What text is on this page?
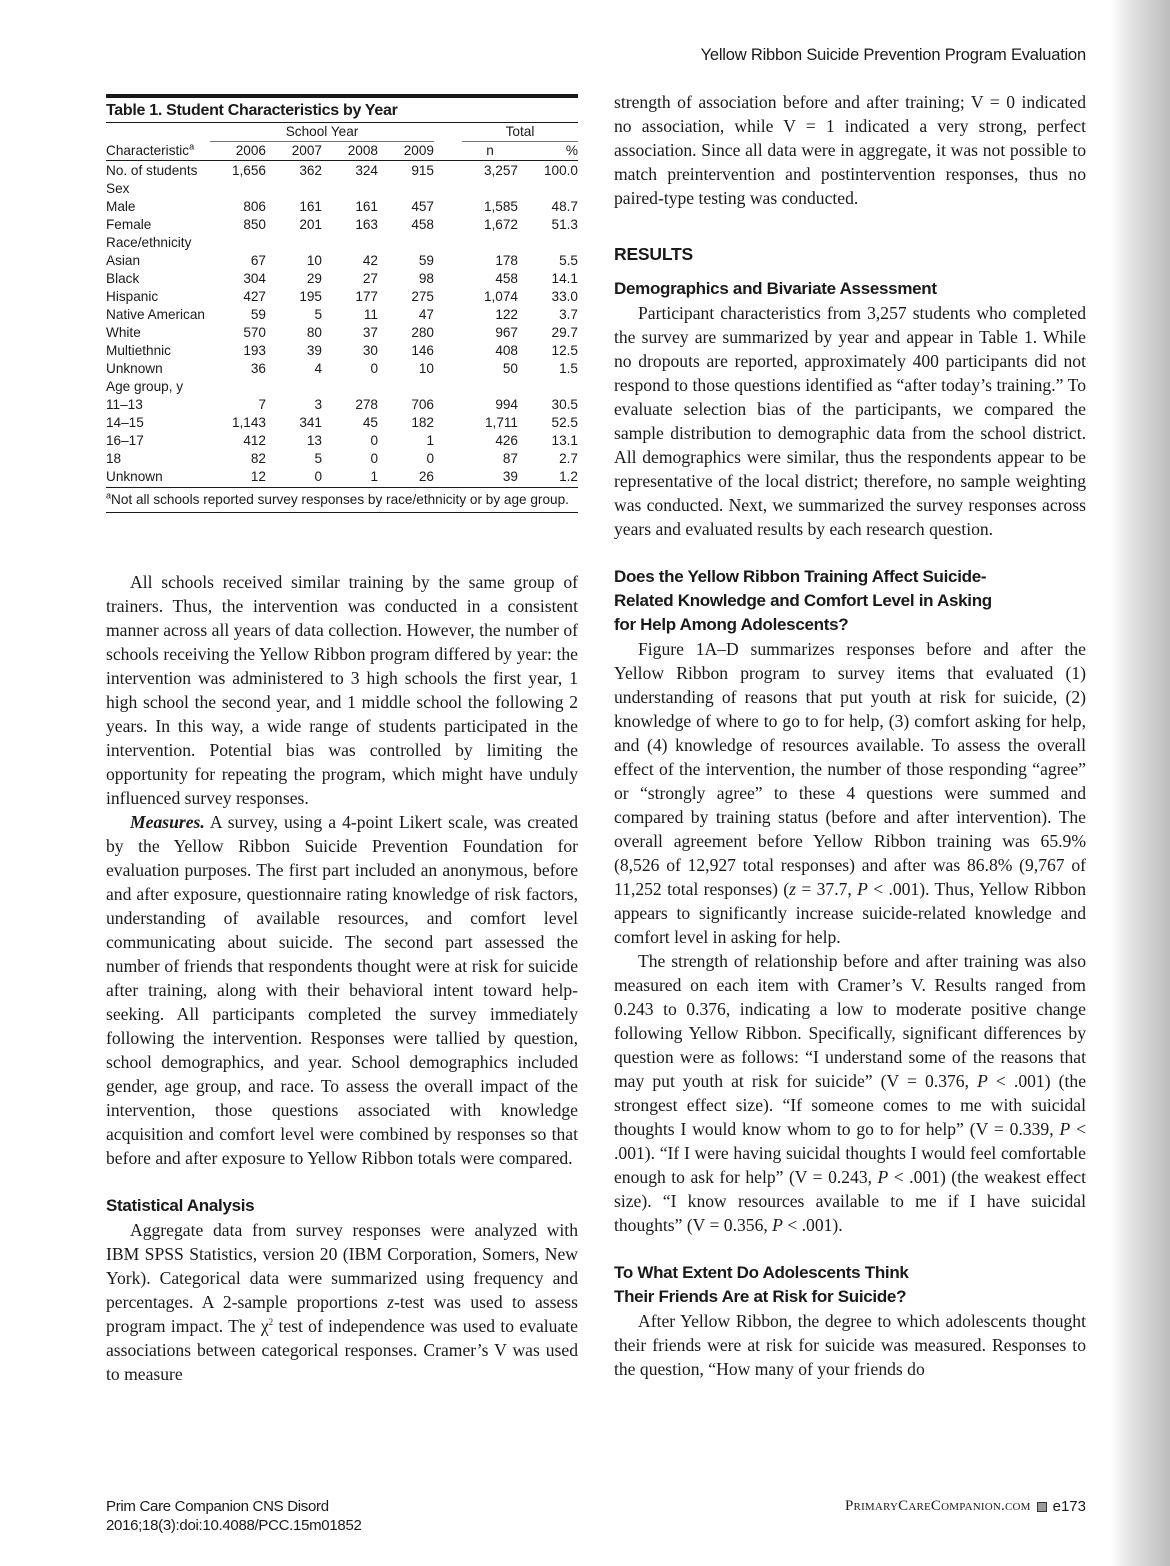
Yellow Ribbon Suicide Prevention Program Evaluation
Table 1. Student Characteristics by Year

	School Year					Total	

Characteristic$^a$	2006	2007	2008	2009		n	%
No. of students	1,656	362	324	915		3,257	100.0
Sex							
Male	806	161	161	457		1,585	48.7
Female	850	201	163	458		1,672	51.3
Race/ethnicity							
Asian	67	10	42	59		178	5.5
Black	304	29	27	98		458	14.1
Hispanic	427	195	177	275		1,074	33.0
Native American	59	5	11	47		122	3.7
White	570	80	37	280		967	29.7
Multiethnic	193	39	30	146		408	12.5
Unknown	36	4	0	10		50	1.5
Age group, y							
11–13	7	3	278	706		994	30.5
14–15	1,143	341	45	182		1,711	52.5
16–17	412	13	0	1		426	13.1
18	82	5	0	0		87	2.7
Unknown	12	0	1	26		39	1.2
$^a$Not all schools reported survey responses by race/ethnicity or by age group.

All schools received similar training by the same group of trainers. Thus, the intervention was conducted in a consistent manner across all years of data collection. However, the number of schools receiving the Yellow Ribbon program differed by year: the intervention was administered to 3 high schools the first year, 1 high school the second year, and 1 middle school the following 2 years. In this way, a wide range of students participated in the intervention. Potential bias was controlled by limiting the opportunity for repeating the program, which might have unduly influenced survey responses.

Measures. A survey, using a 4-point Likert scale, was created by the Yellow Ribbon Suicide Prevention Foundation for evaluation purposes. The first part included an anonymous, before and after exposure, questionnaire rating knowledge of risk factors, understanding of available resources, and comfort level communicating about suicide. The second part assessed the number of friends that respondents thought were at risk for suicide after training, along with their behavioral intent toward help-seeking. All participants completed the survey immediately following the intervention. Responses were tallied by question, school demographics, and year. School demographics included gender, age group, and race. To assess the overall impact of the intervention, those questions associated with knowledge acquisition and comfort level were combined by responses so that before and after exposure to Yellow Ribbon totals were compared.

Statistical Analysis

Aggregate data from survey responses were analyzed with IBM SPSS Statistics, version 20 (IBM Corporation, Somers, New York). Categorical data were summarized using frequency and percentages. A 2-sample proportions z-test was used to assess program impact. The $\chi^2$ test of independence was used to evaluate associations between categorical responses. Cramer’s V was used to measure

strength of association before and after training; V = 0 indicated no association, while V = 1 indicated a very strong, perfect association. Since all data were in aggregate, it was not possible to match preintervention and postintervention responses, thus no paired-type testing was conducted.

RESULTS
Demographics and Bivariate Assessment

Participant characteristics from 3,257 students who completed the survey are summarized by year and appear in Table 1. While no dropouts are reported, approximately 400 participants did not respond to those questions identified as “after today’s training.” To evaluate selection bias of the participants, we compared the sample distribution to demographic data from the school district. All demographics were similar, thus the respondents appear to be representative of the local district; therefore, no sample weighting was conducted. Next, we summarized the survey responses across years and evaluated results by each research question.

Does the Yellow Ribbon Training Affect Suicide-
Related Knowledge and Comfort Level in Asking
for Help Among Adolescents?

Figure 1A–D summarizes responses before and after the Yellow Ribbon program to survey items that evaluated (1) understanding of reasons that put youth at risk for suicide, (2) knowledge of where to go to for help, (3) comfort asking for help, and (4) knowledge of resources available. To assess the overall effect of the intervention, the number of those responding “agree” or “strongly agree” to these 4 questions were summed and compared by training status (before and after intervention). The overall agreement before Yellow Ribbon training was 65.9% (8,526 of 12,927 total responses) and after was 86.8% (9,767 of 11,252 total responses) (z = 37.7, P < .001). Thus, Yellow Ribbon appears to significantly increase suicide-related knowledge and comfort level in asking for help.

The strength of relationship before and after training was also measured on each item with Cramer’s V. Results ranged from 0.243 to 0.376, indicating a low to moderate positive change following Yellow Ribbon. Specifically, significant differences by question were as follows: “I understand some of the reasons that may put youth at risk for suicide” (V = 0.376, P < .001) (the strongest effect size). “If someone comes to me with suicidal thoughts I would know whom to go to for help” (V = 0.339, P < .001). “If I were having suicidal thoughts I would feel comfortable enough to ask for help” (V = 0.243, P < .001) (the weakest effect size). “I know resources available to me if I have suicidal thoughts” (V = 0.356, P < .001).

To What Extent Do Adolescents Think
Their Friends Are at Risk for Suicide?

After Yellow Ribbon, the degree to which adolescents thought their friends were at risk for suicide was measured. Responses to the question, “How many of your friends do

Prim Care Companion CNS Disord
2016;18(3):doi:10.4088/PCC.15m01852
PrimaryCareCompanion.com e173
